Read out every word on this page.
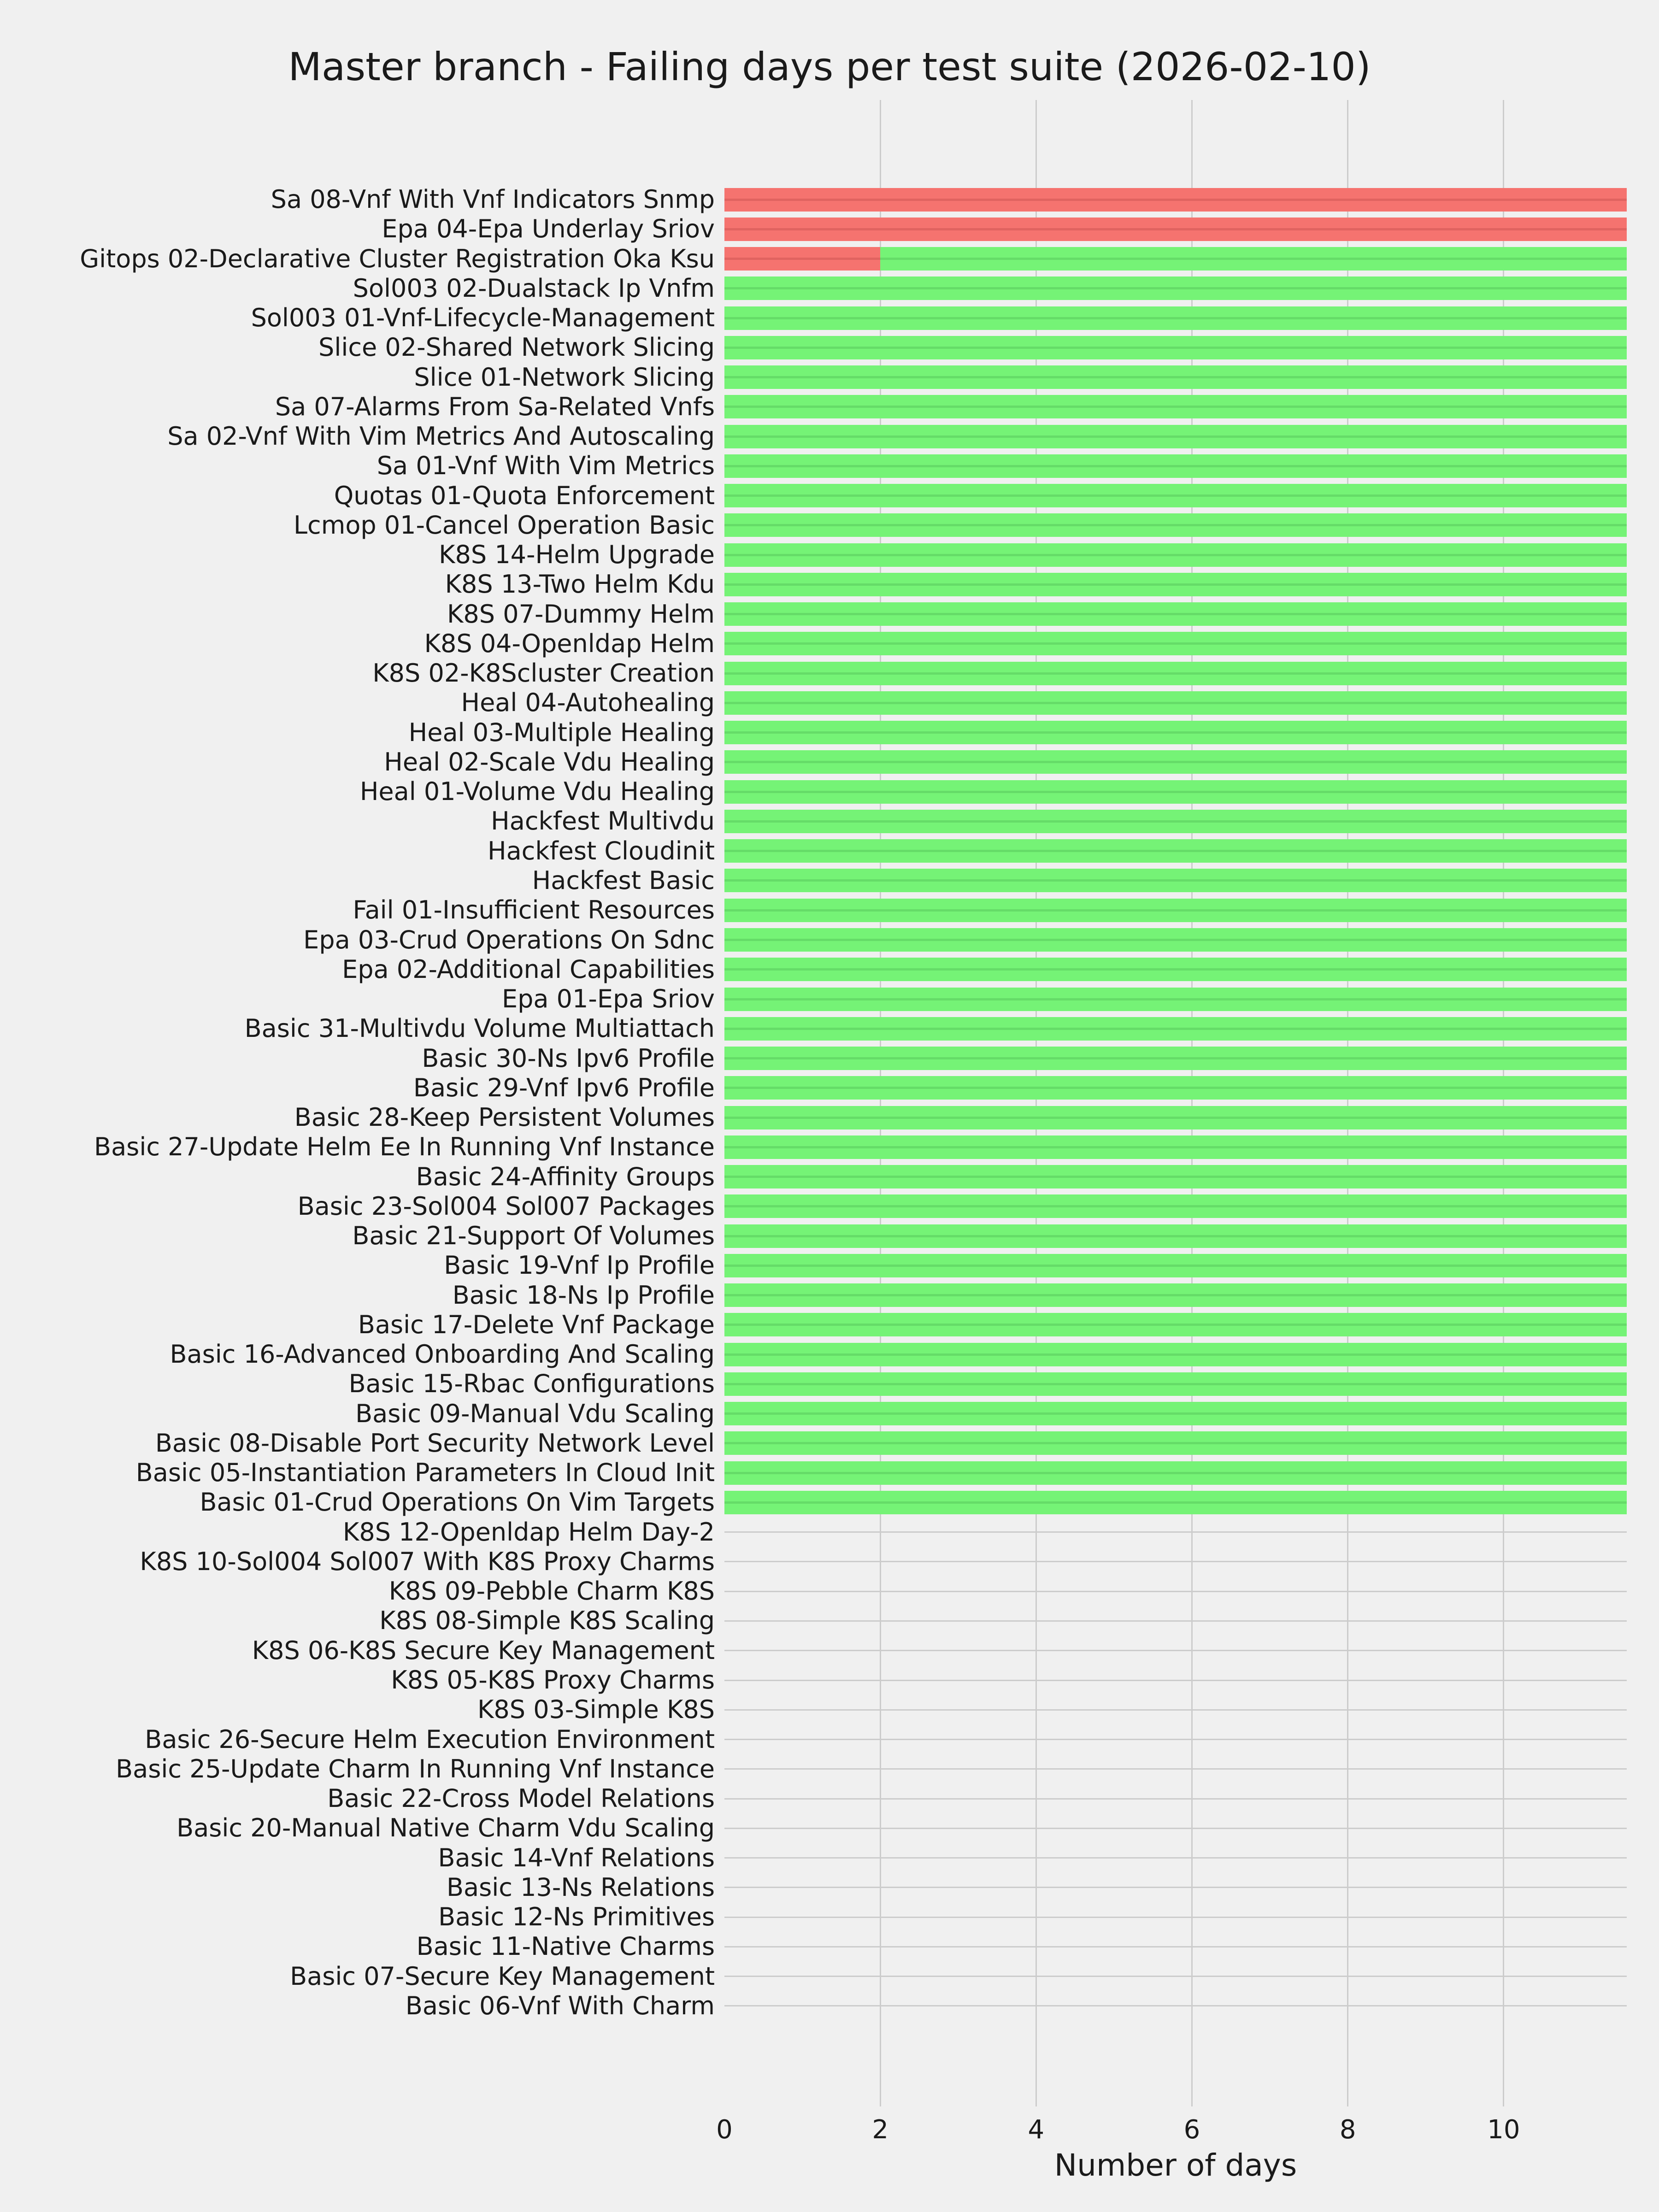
Master branch - Failing days per test suite (2026-02-10)
Sa 08-Vnf With Vnf Indicators Snmp
Epa 04-Epa Underlay Sriov
Gitops 02-Declarative Cluster Registration Oka Ksu
Sol003 02-Dualstack Ip Vnfm
Sol003 01-Vnf-Lifecycle-Management
Slice 02-Shared Network Slicing
Slice 01-Network Slicing
Sa 07-Alarms From Sa-Related Vnfs
Sa 02-Vnf With Vim Metrics And Autoscaling
Sa 01-Vnf With Vim Metrics
Quotas 01-Quota Enforcement
Lcmop 01-Cancel Operation Basic
K8S 14-Helm Upgrade
K8S 13-Two Helm Kdu
K8S 07-Dummy Helm
K8S 04-Openldap Helm
K8S 02-K8Scluster Creation
Heal 04-Autohealing
Heal 03-Multiple Healing
Heal 02-Scale Vdu Healing
Heal 01-Volume Vdu Healing
Hackfest Multivdu
Hackfest Cloudinit
Hackfest Basic
Fail 01-Insufficient Resources
Epa 03-Crud Operations On Sdnc
Epa 02-Additional Capabilities
Epa 01-Epa Sriov
Basic 31-Multivdu Volume Multiattach
Basic 30-Ns Ipv6 Profile
Basic 29-Vnf Ipv6 Profile
Basic 28-Keep Persistent Volumes
Basic 27-Update Helm Ee In Running Vnf Instance
Basic 24-Affinity Groups
Basic 23-Sol004 Sol007 Packages
Basic 21-Support Of Volumes
Basic 19-Vnf Ip Profile
Basic 18-Ns Ip Profile
Basic 17-Delete Vnf Package
Basic 16-Advanced Onboarding And Scaling
Basic 15-Rbac Configurations
Basic 09-Manual Vdu Scaling
Basic 08-Disable Port Security Network Level
Basic 05-Instantiation Parameters In Cloud Init
Basic 01-Crud Operations On Vim Targets
K8S 12-Openldap Helm Day-2
K8S 10-Sol004 Sol007 With K8S Proxy Charms
K8S 09-Pebble Charm K8S
K8S 08-Simple K8S Scaling
K8S 06-K8S Secure Key Management
K8S 05-K8S Proxy Charms
K8S 03-Simple K8S
Basic 26-Secure Helm Execution Environment
Basic 25-Update Charm In Running Vnf Instance
Basic 22-Cross Model Relations
Basic 20-Manual Native Charm Vdu Scaling
Basic 14-Vnf Relations
Basic 13-Ns Relations
Basic 12-Ns Primitives
Basic 11-Native Charms
Basic 07-Secure Key Management
Basic 06-Vnf With Charm
0	2	4	6	8	10
Number of days
